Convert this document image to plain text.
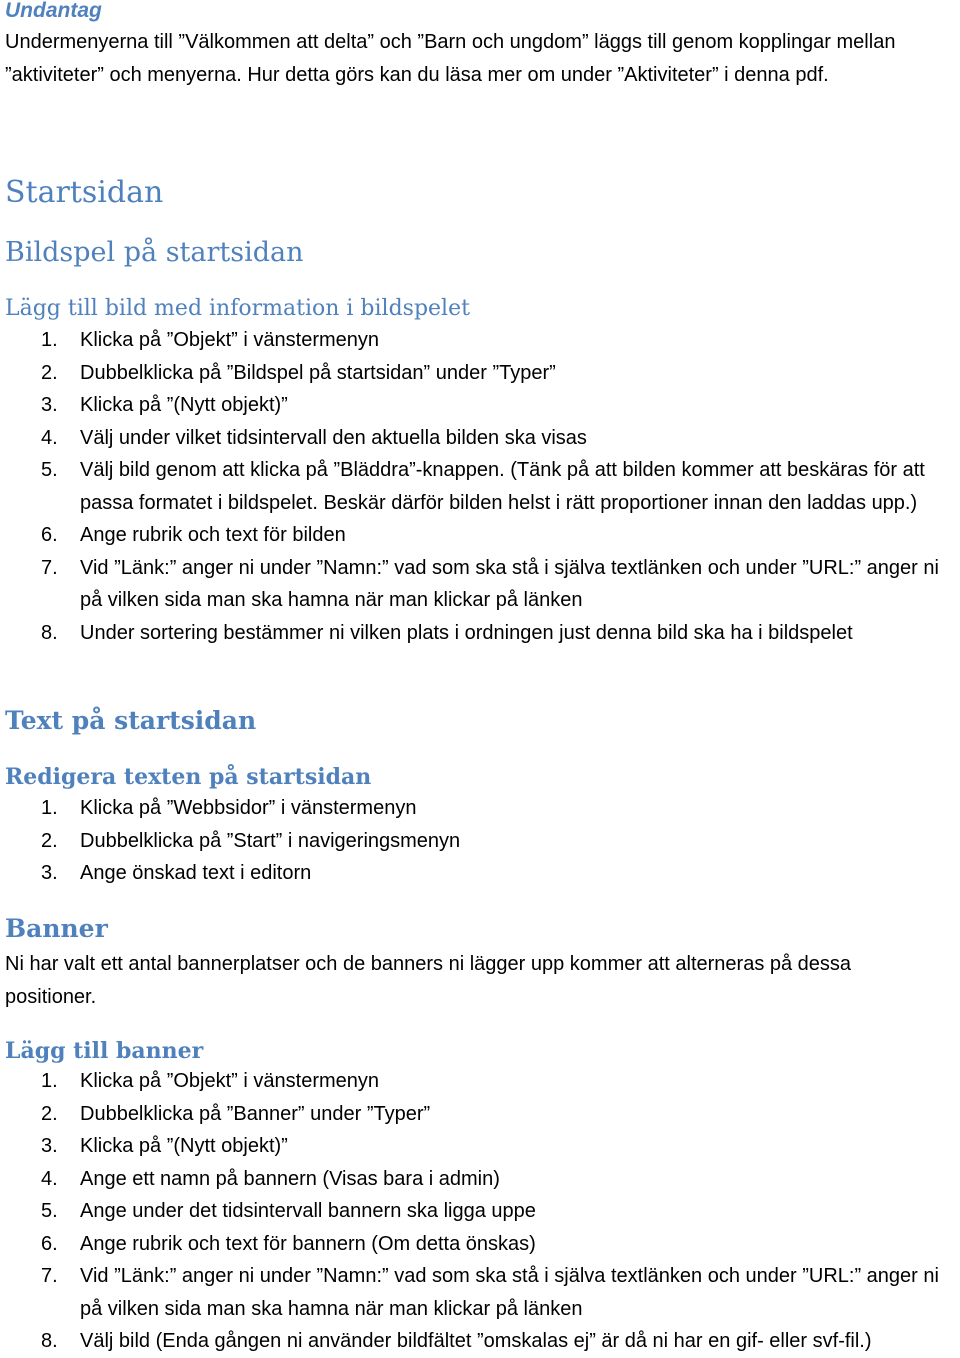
Undantag

Undermenyerna till ”Välkommen att delta” och ”Barn och ungdom” läggs till genom kopplingar mellan ”aktiviteter” och menyerna. Hur detta görs kan du läsa mer om under ”Aktiviteter” i denna pdf.

Startsidan
Bildspel på startsidan
Lägg till bild med information i bildspelet
1.	Klicka på ”Objekt” i vänstermenyn
2.	Dubbelklicka på ”Bildspel på startsidan” under ”Typer”
3.	Klicka på ”(Nytt objekt)”
4.	Välj under vilket tidsintervall den aktuella bilden ska visas
5.	Välj bild genom att klicka på ”Bläddra”-knappen. (Tänk på att bilden kommer att beskäras för att passa formatet i bildspelet. Beskär därför bilden helst i rätt proportioner innan den laddas upp.)
6.	Ange rubrik och text för bilden
7.	Vid ”Länk:” anger ni under ”Namn:” vad som ska stå i själva textlänken och under ”URL:” anger ni på vilken sida man ska hamna när man klickar på länken
8.	Under sortering bestämmer ni vilken plats i ordningen just denna bild ska ha i bildspelet
Text på startsidan
Redigera texten på startsidan
1.	Klicka på ”Webbsidor” i vänstermenyn
2.	Dubbelklicka på ”Start” i navigeringsmenyn
3.	Ange önskad text i editorn
Banner

Ni har valt ett antal bannerplatser och de banners ni lägger upp kommer att alterneras på dessa positioner.

Lägg till banner
1.	Klicka på ”Objekt” i vänstermenyn
2.	Dubbelklicka på ”Banner” under ”Typer”
3.	Klicka på ”(Nytt objekt)”
4.	Ange ett namn på bannern (Visas bara i admin)
5.	Ange under det tidsintervall bannern ska ligga uppe
6.	Ange rubrik och text för bannern (Om detta önskas)
7.	Vid ”Länk:” anger ni under ”Namn:” vad som ska stå i själva textlänken och under ”URL:” anger ni på vilken sida man ska hamna när man klickar på länken
8.	Välj bild (Enda gången ni använder bildfältet ”omskalas ej” är då ni har en gif- eller svf-fil.)
